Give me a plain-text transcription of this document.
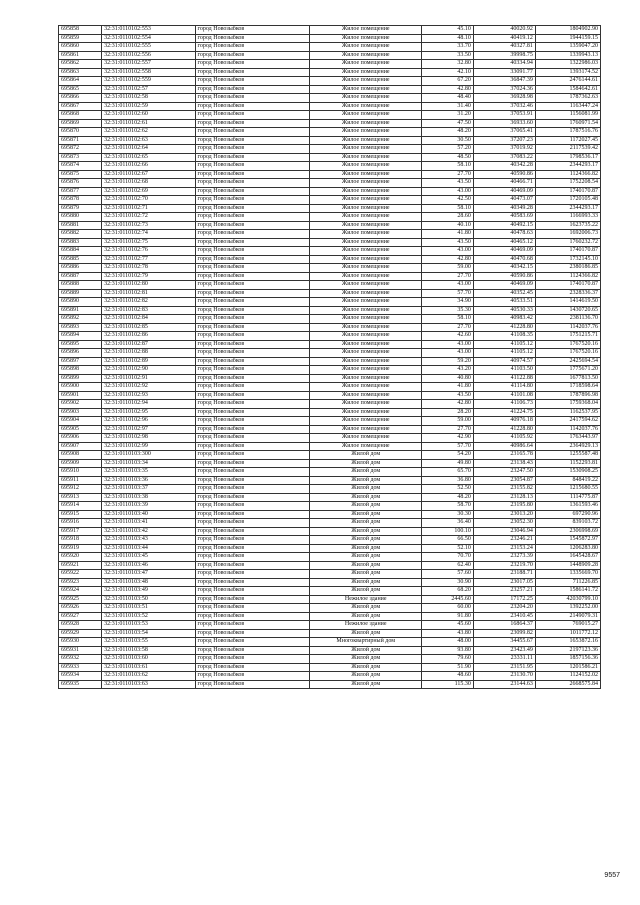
695858	32:31:0110102:553	город Новозыбков	Жилое помещение	45.10	40020.92	1804902.90
695859	32:31:0110102:554	город Новозыбков	Жилое помещение	48.10	40419.12	1944159.15
695860	32:31:0110102:555	город Новозыбков	Жилое помещение	33.70	40327.81	1359047.20
695861	32:31:0110102:556	город Новозыбков	Жилое помещение	33.50	39998.75	1339943.13
695862	32:31:0110102:557	город Новозыбков	Жилое помещение	32.80	40334.94	1322986.03
695863	32:31:0110102:558	город Новозыбков	Жилое помещение	42.10	33091.77	1393174.52
695864	32:31:0110102:559	город Новозыбков	Жилое помещение	67.20	36847.39	2476144.61
695865	32:31:0110102:57	город Новозыбков	Жилое помещение	42.80	37024.36	1584642.61
695866	32:31:0110102:58	город Новозыбков	Жилое помещение	48.40	36928.98	1787362.63
695867	32:31:0110102:59	город Новозыбков	Жилое помещение	31.40	37032.46	1163447.24
695868	32:31:0110102:60	город Новозыбков	Жилое помещение	31.20	37053.91	1156081.99
695869	32:31:0110102:61	город Новозыбков	Жилое помещение	47.50	36933.60	1760971.54
695870	32:31:0110102:62	город Новозыбков	Жилое помещение	48.20	37065.41	1787516.76
695871	32:31:0110102:63	город Новозыбков	Жилое помещение	30.50	37207.23	1172027.45
695872	32:31:0110102:64	город Новозыбков	Жилое помещение	57.20	37019.92	2117539.42
695873	32:31:0110102:65	город Новозыбков	Жилое помещение	48.50	37083.22	1798536.17
695874	32:31:0110102:66	город Новозыбков	Жилое помещение	58.10	40342.28	2344293.17
695875	32:31:0110102:67	город Новозыбков	Жилое помещение	27.70	40590.86	1124366.82
695876	32:31:0110102:68	город Новозыбков	Жилое помещение	43.50	40466.71	1752208.54
695877	32:31:0110102:69	город Новозыбков	Жилое помещение	43.00	40469.09	1740170.87
695878	32:31:0110102:70	город Новозыбков	Жилое помещение	42.50	40473.07	1720105.48
695879	32:31:0110102:71	город Новозыбков	Жилое помещение	58.10	40349.28	2344293.17
695880	32:31:0110102:72	город Новозыбков	Жилое помещение	28.60	40583.69	1166993.33
695881	32:31:0110102:73	город Новозыбков	Жилое помещение	40.10	40492.15	1623735.22
695882	32:31:0110102:74	город Новозыбков	Жилое помещение	41.80	40478.63	1692006.73
695883	32:31:0110102:75	город Новозыбков	Жилое помещение	43.50	40465.12	1760232.72
695884	32:31:0110102:76	город Новозыбков	Жилое помещение	43.00	40469.09	1740170.87
695885	32:31:0110102:77	город Новозыбков	Жилое помещение	42.80	40470.68	1732145.10
695886	32:31:0110102:78	город Новозыбков	Жилое помещение	59.00	40342.15	2380186.85
695887	32:31:0110102:79	город Новозыбков	Жилое помещение	27.70	40590.86	1124366.82
695888	32:31:0110102:80	город Новозыбков	Жилое помещение	43.00	40469.09	1740170.87
695889	32:31:0110102:81	город Новозыбков	Жилое помещение	57.70	40352.45	2328336.37
695890	32:31:0110102:82	город Новозыбков	Жилое помещение	34.90	40533.51	1414619.50
695891	32:31:0110102:83	город Новозыбков	Жилое помещение	35.30	40530.33	1430720.65
695892	32:31:0110102:84	город Новозыбков	Жилое помещение	58.10	40983.42	2381136.70
695893	32:31:0110102:85	город Новозыбков	Жилое помещение	27.70	41228.80	1142037.76
695894	32:31:0110102:86	город Новозыбков	Жилое помещение	42.60	41108.35	1751215.71
695895	32:31:0110102:87	город Новозыбков	Жилое помещение	43.00	41105.12	1767520.16
695896	32:31:0110102:88	город Новозыбков	Жилое помещение	43.00	41105.12	1767520.16
695897	32:31:0110102:89	город Новозыбков	Жилое помещение	59.20	40974.57	2425694.54
695898	32:31:0110102:90	город Новозыбков	Жилое помещение	43.20	41103.50	1775671.20
695899	32:31:0110102:91	город Новозыбков	Жилое помещение	40.80	41122.88	1677813.50
695900	32:31:0110102:92	город Новозыбков	Жилое помещение	41.80	41114.80	1718598.64
695901	32:31:0110102:93	город Новозыбков	Жилое помещение	43.50	41101.08	1787896.98
695902	32:31:0110102:94	город Новозыбков	Жилое помещение	42.80	41106.73	1759368.04
695903	32:31:0110102:95	город Новозыбков	Жилое помещение	28.20	41224.75	1162537.95
695904	32:31:0110102:96	город Новозыбков	Жилое помещение	59.00	40976.18	2417594.62
695905	32:31:0110102:97	город Новозыбков	Жилое помещение	27.70	41228.80	1142037.76
695906	32:31:0110102:98	город Новозыбков	Жилое помещение	42.90	41105.92	1763443.97
695907	32:31:0110102:99	город Новозыбков	Жилое помещение	57.70	40986.64	2364929.13
695908	32:31:0110103:300	город Новозыбков	Жилой дом	54.20	23165.78	1255587.48
695909	32:31:0110103:34	город Новозыбков	Жилой дом	49.80	23138.43	1152293.81
695910	32:31:0110103:35	город Новозыбков	Жилой дом	65.70	23247.50	1530908.25
695911	32:31:0110103:36	город Новозыбков	Жилой дом	36.80	23054.87	848419.22
695912	32:31:0110103:37	город Новозыбков	Жилой дом	52.50	23155.82	1215680.55
695913	32:31:0110103:38	город Новозыбков	Жилой дом	48.20	23128.13	1114775.87
695914	32:31:0110103:39	город Новозыбков	Жилой дом	58.70	23195.80	1361593.46
695915	32:31:0110103:40	город Новозыбков	Жилой дом	30.30	23013.20	697290.96
695916	32:31:0110103:41	город Новозыбков	Жилой дом	36.40	23052.30	839103.72
695917	32:31:0110103:42	город Новозыбков	Жилой дом	100.10	23046.94	2306998.69
695918	32:31:0110103:43	город Новозыбков	Жилой дом	66.50	23246.21	1545872.97
695919	32:31:0110103:44	город Новозыбков	Жилой дом	52.10	23153.24	1206283.80
695920	32:31:0110103:45	город Новозыбков	Жилой дом	70.70	23273.39	1645428.67
695921	32:31:0110103:46	город Новозыбков	Жилой дом	62.40	23219.70	1448909.28
695922	32:31:0110103:47	город Новозыбков	Жилой дом	57.60	23188.71	1335669.70
695923	32:31:0110103:48	город Новозыбков	Жилой дом	30.90	23017.05	711226.85
695924	32:31:0110103:49	город Новозыбков	Жилой дом	68.20	23257.21	1586141.72
695925	32:31:0110103:50	город Новозыбков	Нежилое здание	2445.60	17172.25	42030799.10
695926	32:31:0110103:51	город Новозыбков	Жилой дом	60.00	23204.20	1392252.00
695927	32:31:0110103:52	город Новозыбков	Жилой дом	91.80	23410.45	2149079.31
695928	32:31:0110103:53	город Новозыбков	Нежилое здание	45.60	16864.37	769015.27
695929	32:31:0110103:54	город Новозыбков	Жилой дом	43.80	23099.82	1011772.12
695930	32:31:0110103:55	город Новозыбков	Многоквартирный дом	48.00	34455.67	1653872.16
695931	32:31:0110103:58	город Новозыбков	Жилой дом	93.80	23423.49	2197123.36
695932	32:31:0110103:60	город Новозыбков	Жилой дом	79.60	23331.11	1857156.36
695933	32:31:0110103:61	город Новозыбков	Жилой дом	51.90	23151.95	1201586.21
695934	32:31:0110103:62	город Новозыбков	Жилой дом	48.60	23130.70	1124152.02
695935	32:31:0110103:63	город Новозыбков	Жилой дом	115.30	23144.63	2668575.84
9557
